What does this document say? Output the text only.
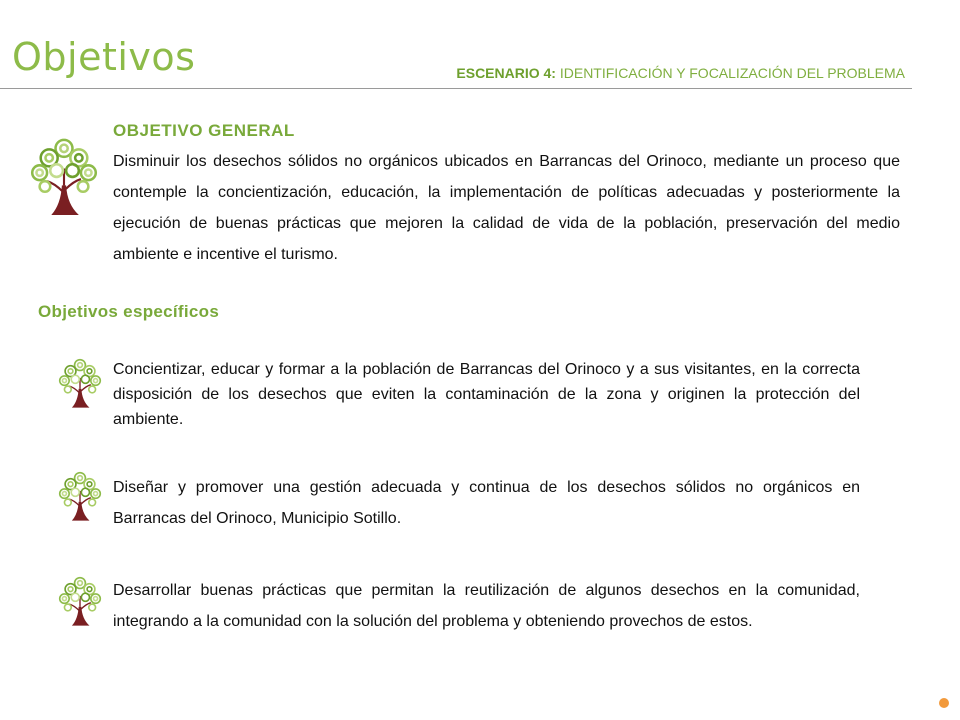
Objetivos	ESCENARIO 4: IDENTIFICACIÓN Y FOCALIZACIÓN DEL PROBLEMA
OBJETIVO GENERAL

Disminuir los desechos sólidos no orgánicos ubicados en Barrancas del Orinoco, mediante un proceso que contemple la concientización, educación, la implementación de políticas adecuadas y posteriormente la ejecución de buenas prácticas que mejoren la calidad de vida de la población, preservación del medio ambiente e incentive el turismo.

Objetivos específicos

Concientizar, educar y formar a la población de Barrancas del Orinoco y a sus visitantes, en la correcta disposición de los desechos que eviten la contaminación de la zona y originen la protección del ambiente.

Diseñar y promover una gestión adecuada y continua de los desechos sólidos no orgánicos en Barrancas del Orinoco, Municipio Sotillo.

Desarrollar buenas prácticas que permitan la reutilización de algunos desechos en la comunidad, integrando a la comunidad con la solución del problema y obteniendo provechos de estos.
